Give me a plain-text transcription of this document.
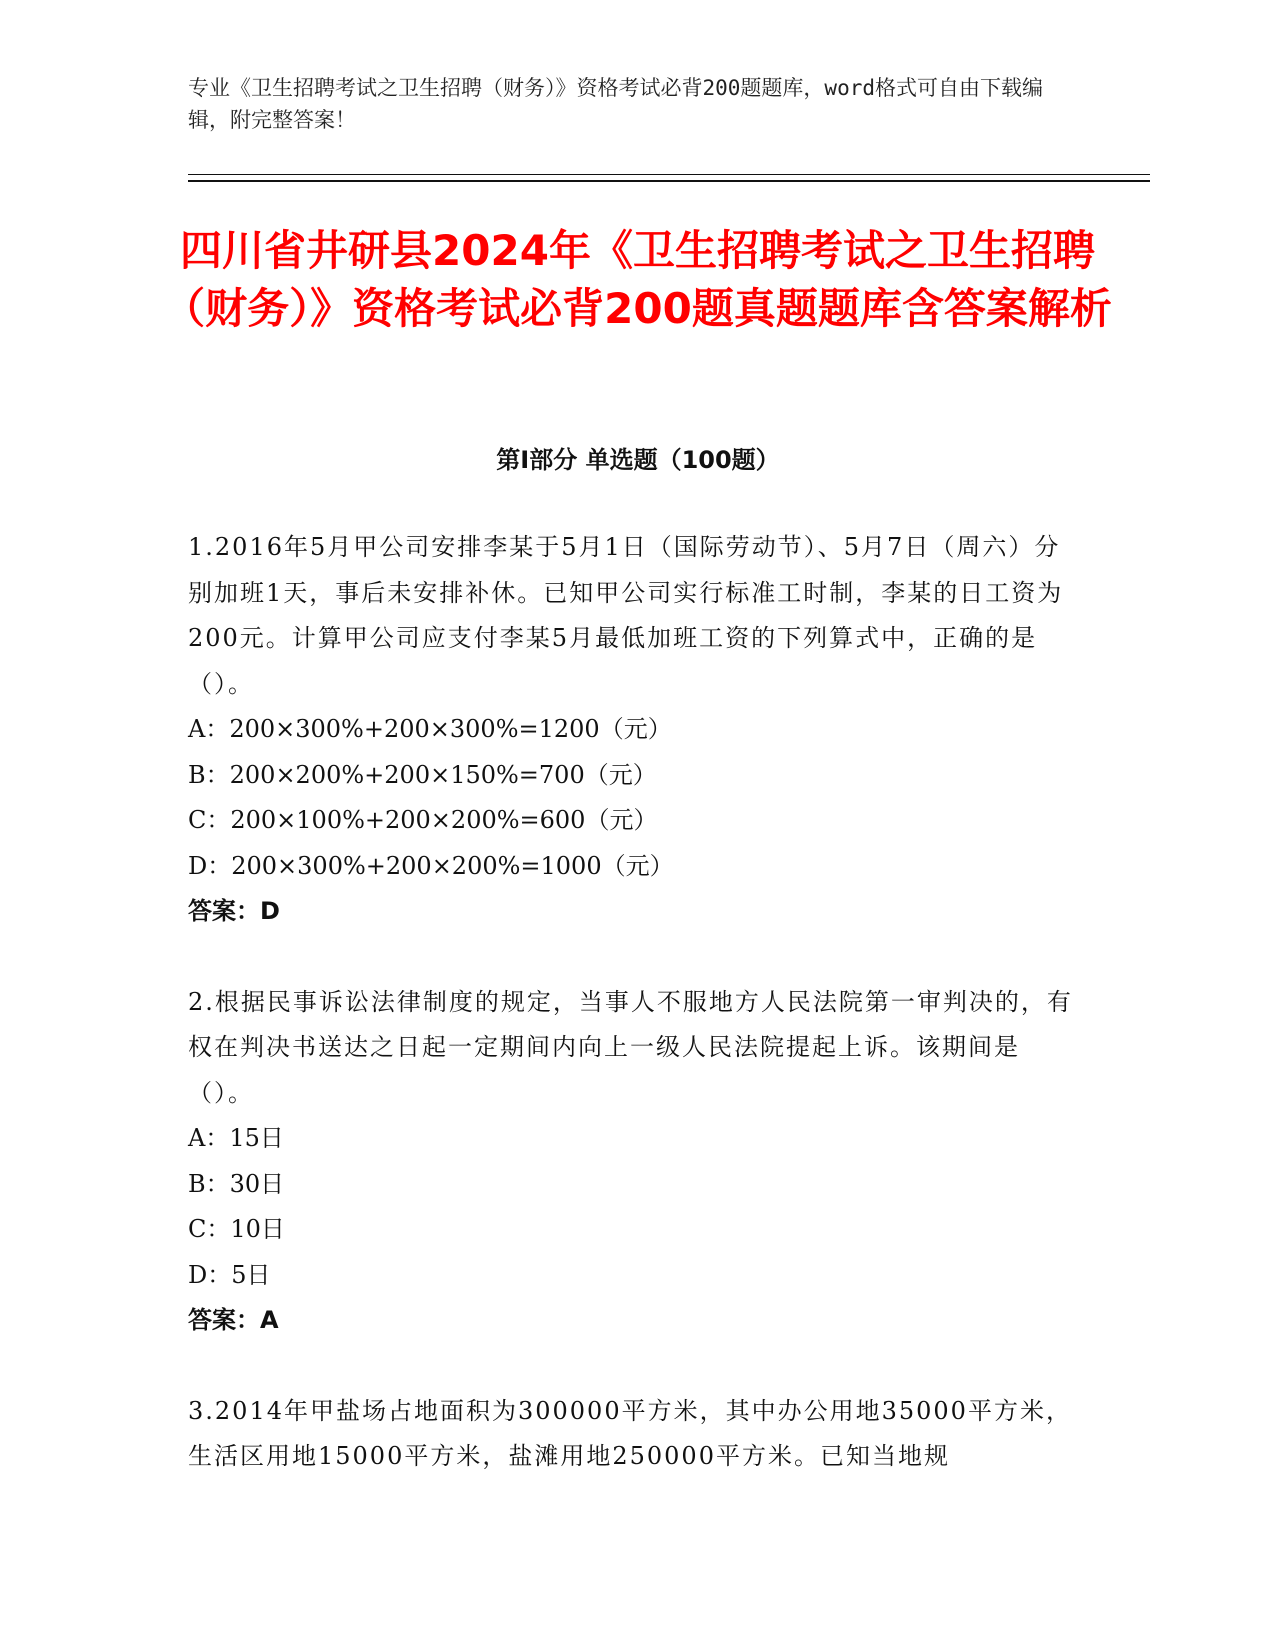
专业《卫生招聘考试之卫生招聘（财务）》资格考试必背200题题库，word格式可自由下载编辑，附完整答案！
四川省井研县2024年《卫生招聘考试之卫生招聘（财务）》资格考试必背200题真题题库含答案解析
第Ⅰ部分 单选题（100题）
1.2016年5月甲公司安排李某于5月1日（国际劳动节）、5月7日（周六）分别加班1天，事后未安排补休。已知甲公司实行标准工时制，李某的日工资为200元。计算甲公司应支付李某5月最低加班工资的下列算式中，正确的是（）。
A：200×300%+200×300%=1200（元）
B：200×200%+200×150%=700（元）
C：200×100%+200×200%=600（元）
D：200×300%+200×200%=1000（元）
答案：D
2.根据民事诉讼法律制度的规定，当事人不服地方人民法院第一审判决的，有权在判决书送达之日起一定期间内向上一级人民法院提起上诉。该期间是（）。
A：15日
B：30日
C：10日
D：5日
答案：A
3.2014年甲盐场占地面积为300000平方米，其中办公用地35000平方米，生活区用地15000平方米，盐滩用地250000平方米。已知当地规
